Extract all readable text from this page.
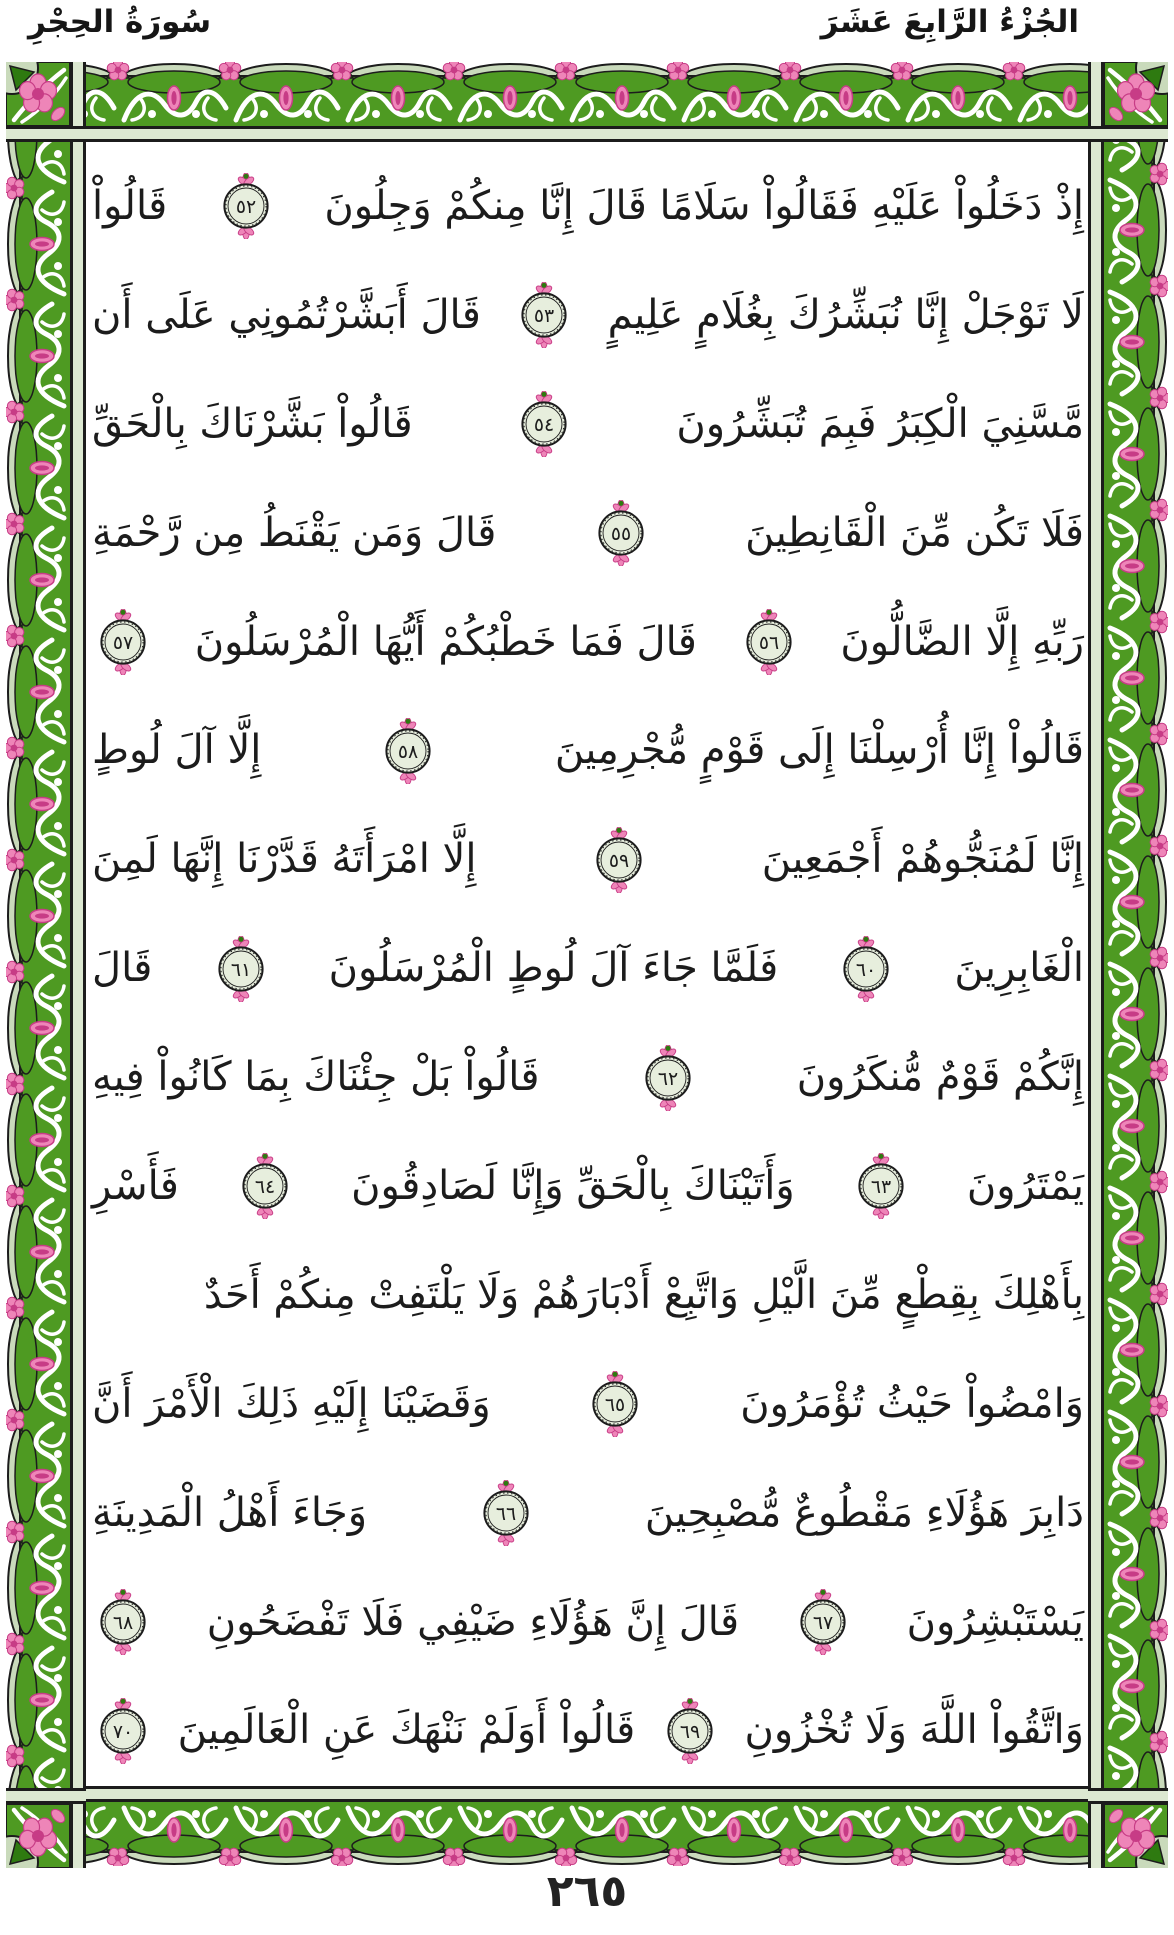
الجُزْءُ الرَّابِعَ عَشَرَ
سُورَةُ الحِجْرِ
إِذْ دَخَلُواْ عَلَيْهِ فَقَالُواْ سَلَامًا قَالَ إِنَّا مِنكُمْ وَجِلُونَ
٥٢
قَالُواْ
لَا تَوْجَلْ إِنَّا نُبَشِّرُكَ بِغُلَامٍ عَلِيمٍ
٥٣
قَالَ أَبَشَّرْتُمُونِي عَلَى أَن
مَّسَّنِيَ الْكِبَرُ فَبِمَ تُبَشِّرُونَ
٥٤
قَالُواْ بَشَّرْنَاكَ بِالْحَقِّ
فَلَا تَكُن مِّنَ الْقَانِطِينَ
٥٥
قَالَ وَمَن يَقْنَطُ مِن رَّحْمَةِ
رَبِّهِ إِلَّا الضَّالُّونَ
٥٦
قَالَ فَمَا خَطْبُكُمْ أَيُّهَا الْمُرْسَلُونَ
٥٧
قَالُواْ إِنَّا أُرْسِلْنَا إِلَى قَوْمٍ مُّجْرِمِينَ
٥٨
إِلَّا آلَ لُوطٍ
إِنَّا لَمُنَجُّوهُمْ أَجْمَعِينَ
٥٩
إِلَّا امْرَأَتَهُ قَدَّرْنَا إِنَّهَا لَمِنَ
الْغَابِرِينَ
٦٠
فَلَمَّا جَاءَ آلَ لُوطٍ الْمُرْسَلُونَ
٦١
قَالَ
إِنَّكُمْ قَوْمٌ مُّنكَرُونَ
٦٢
قَالُواْ بَلْ جِئْنَاكَ بِمَا كَانُواْ فِيهِ
يَمْتَرُونَ
٦٣
وَأَتَيْنَاكَ بِالْحَقِّ وَإِنَّا لَصَادِقُونَ
٦٤
فَأَسْرِ
بِأَهْلِكَ بِقِطْعٍ مِّنَ الَّيْلِ وَاتَّبِعْ أَدْبَارَهُمْ وَلَا يَلْتَفِتْ مِنكُمْ أَحَدٌ
وَامْضُواْ حَيْثُ تُؤْمَرُونَ
٦٥
وَقَضَيْنَا إِلَيْهِ ذَلِكَ الْأَمْرَ أَنَّ
دَابِرَ هَؤُلَاءِ مَقْطُوعٌ مُّصْبِحِينَ
٦٦
وَجَاءَ أَهْلُ الْمَدِينَةِ
يَسْتَبْشِرُونَ
٦٧
قَالَ إِنَّ هَؤُلَاءِ ضَيْفِي فَلَا تَفْضَحُونِ
٦٨
وَاتَّقُواْ اللَّهَ وَلَا تُخْزُونِ
٦٩
قَالُواْ أَوَلَمْ نَنْهَكَ عَنِ الْعَالَمِينَ
٧٠
٢٦٥
